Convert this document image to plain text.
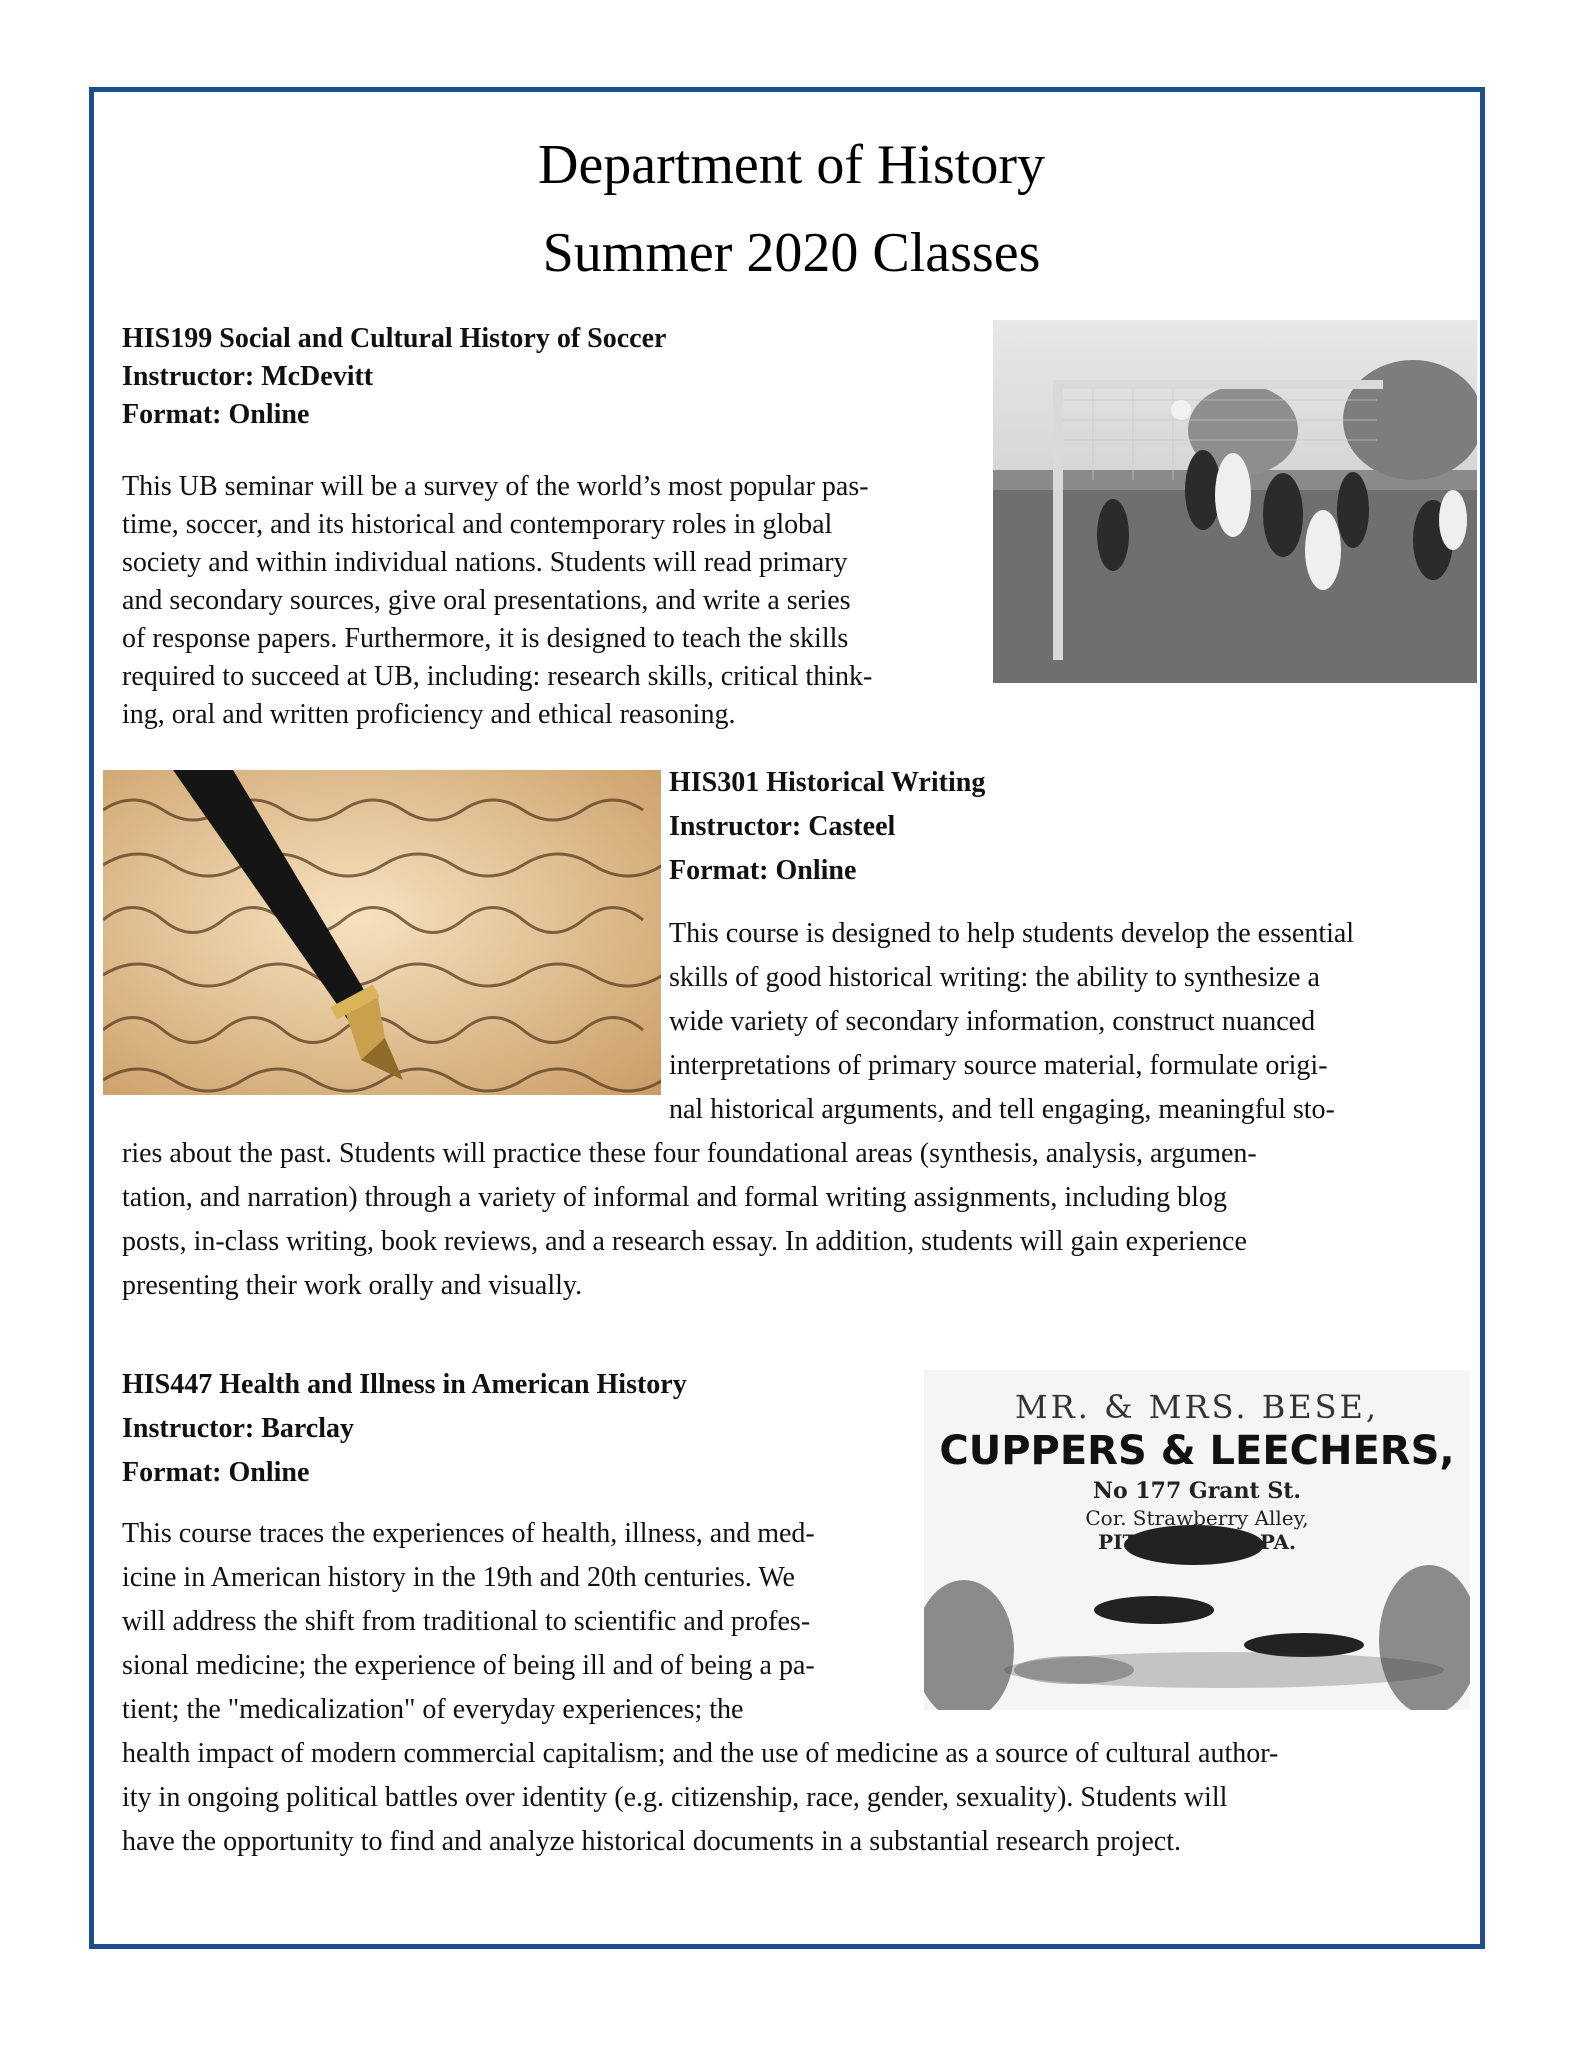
Department of History
Summer 2020 Classes
HIS199 Social and Cultural History of Soccer
Instructor: McDevitt
Format: Online
This UB seminar will be a survey of the world’s most popular pas-
time, soccer, and its historical and contemporary roles in global
society and within individual nations. Students will read primary
and secondary sources, give oral presentations, and write a series
of response papers. Furthermore, it is designed to teach the skills
required to succeed at UB, including: research skills, critical think-
ing, oral and written proficiency and ethical reasoning.
HIS301 Historical Writing
Instructor: Casteel
Format: Online
This course is designed to help students develop the essential
skills of good historical writing: the ability to synthesize a
wide variety of secondary information, construct nuanced
interpretations of primary source material, formulate origi-
nal historical arguments, and tell engaging, meaningful sto-
ries about the past. Students will practice these four foundational areas (synthesis, analysis, argumen-
tation, and narration) through a variety of informal and formal writing assignments, including blog
posts, in-class writing, book reviews, and a research essay. In addition, students will gain experience
presenting their work orally and visually.
HIS447 Health and Illness in American History
Instructor: Barclay
Format: Online
MR. & MRS. BESE,
CUPPERS & LEECHERS,
No 177 Grant St.
Cor. Strawberry Alley,
PITTSBURGH,PA.
This course traces the experiences of health, illness, and med-
icine in American history in the 19th and 20th centuries. We
will address the shift from traditional to scientific and profes-
sional medicine; the experience of being ill and of being a pa-
tient; the "medicalization" of everyday experiences; the
health impact of modern commercial capitalism; and the use of medicine as a source of cultural author-
ity in ongoing political battles over identity (e.g. citizenship, race, gender, sexuality). Students will
have the opportunity to find and analyze historical documents in a substantial research project.
